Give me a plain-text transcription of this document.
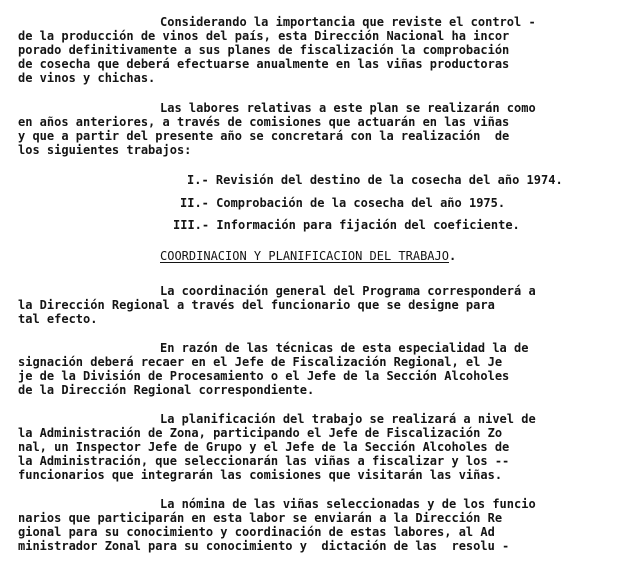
Considerando la importancia que reviste el control -

de la producción de vinos del país, esta Dirección Nacional ha incor

porado definitivamente a sus planes de fiscalización la comprobación

de cosecha que deberá efectuarse anualmente en las viñas productoras

de vinos y chichas.

Las labores relativas a este plan se realizarán como

en años anteriores, a través de comisiones que actuarán en las viñas

y que a partir del presente año se concretará con la realización  de

los siguientes trabajos:

I.- Revisión del destino de la cosecha del año 1974.

II.- Comprobación de la cosecha del año 1975.

III.- Información para fijación del coeficiente.

COORDINACION Y PLANIFICACION DEL TRABAJO.

La coordinación general del Programa corresponderá a

la Dirección Regional a través del funcionario que se designe para

tal efecto.

En razón de las técnicas de esta especialidad la de

signación deberá recaer en el Jefe de Fiscalización Regional, el Je

je de la División de Procesamiento o el Jefe de la Sección Alcoholes

de la Dirección Regional correspondiente.

La planificación del trabajo se realizará a nivel de

la Administración de Zona, participando el Jefe de Fiscalización Zo

nal, un Inspector Jefe de Grupo y el Jefe de la Sección Alcoholes de

la Administración, que seleccionarán las viñas a fiscalizar y los --

funcionarios que integrarán las comisiones que visitarán las viñas.

La nómina de las viñas seleccionadas y de los funcio

narios que participarán en esta labor se enviarán a la Dirección Re

gional para su conocimiento y coordinación de estas labores, al Ad

ministrador Zonal para su conocimiento y  dictación de las  resolu -
